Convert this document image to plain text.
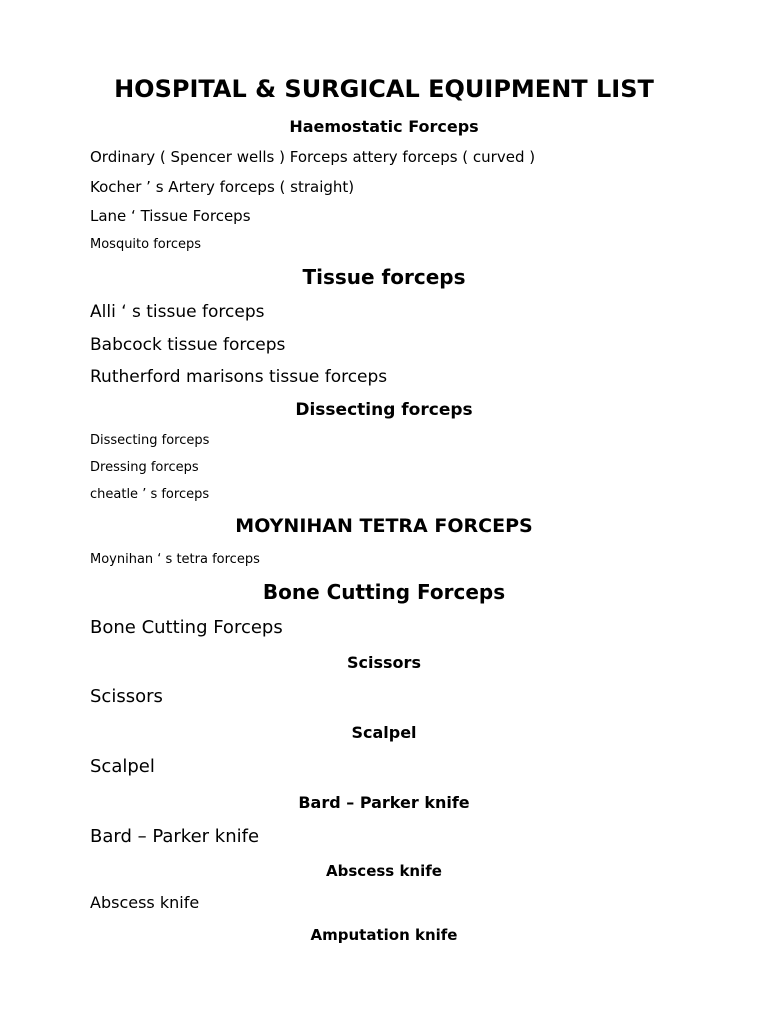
HOSPITAL & SURGICAL EQUIPMENT LIST
Haemostatic Forceps
Ordinary ( Spencer wells ) Forceps attery forceps ( curved )
Kocher ’ s Artery forceps ( straight)
Lane ‘ Tissue Forceps
Mosquito forceps
Tissue forceps
Alli ‘ s tissue forceps
Babcock tissue forceps
Rutherford marisons tissue forceps
Dissecting forceps
Dissecting forceps
Dressing forceps
cheatle ’ s forceps
MOYNIHAN TETRA FORCEPS
Moynihan ‘ s tetra forceps
Bone Cutting Forceps
Bone Cutting Forceps
Scissors
Scissors
Scalpel
Scalpel
Bard – Parker knife
Bard – Parker knife
Abscess knife
Abscess knife
Amputation knife
